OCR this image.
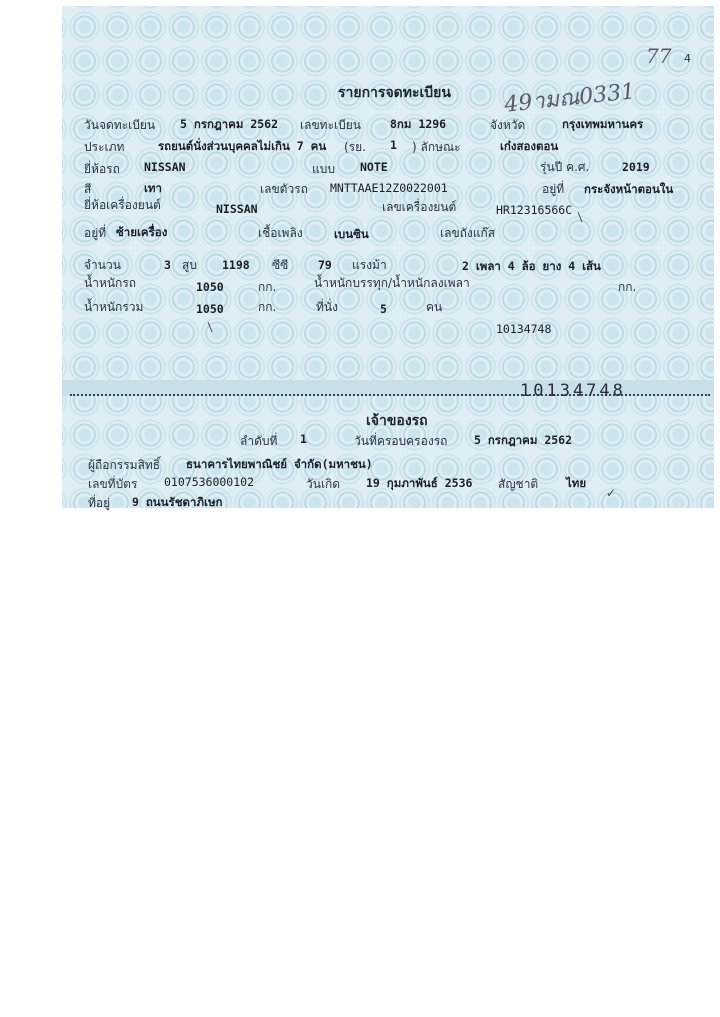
77 4
49ามณ0331
รายการจดทะเบียน
วันจดทะเบียน 5 กรกฎาคม 2562 เลขทะเบียน	8กม 1296	จังหวัด	กรุงเทพมหานคร
ประเภท	รถยนต์นั่งส่วนบุคคลไม่เกิน 7 คน (รย. 1 ) ลักษณะ	เก๋งสองตอน
ยี่ห้อรถ NISSAN	แบบ NOTE	รุ่นปี ค.ศ.	2019
สี	เทา	เลขตัวรถ MNTTAAE12Z0022001	อยู่ที่ กระจังหน้าตอนใน
ยี่ห้อเครื่องยนต์	NISSAN	เลขเครื่องยนต์	HR12316566C
อยู่ที่ ซ้ายเครื่อง	เชื้อเพลิง	เบนซิน	เลขถังแก๊ส
จำนวน	3 สูบ 1198 ซีซี	79 แรงม้า	2 เพลา 4 ล้อ ยาง 4 เส้น
น้ำหนักรถ	1050	กก.	น้ำหนักบรรทุก/น้ำหนักลงเพลา	กก.
น้ำหนักรวม	1050	กก.	ที่นั่ง	5	คน
10134748
10134748
เจ้าของรถ
ลำดับที่ 1	วันที่ครอบครองรถ 5 กรกฎาคม 2562
ผู้ถือกรรมสิทธิ์ ธนาคารไทยพาณิชย์ จำกัด(มหาชน)
เลขที่บัตร 0107536000102	วันเกิด 19 กุมภาพันธ์ 2536 สัญชาติ ไทย
ที่อยู่ 9 ถนนรัชดาภิเษก
/
/
✓
